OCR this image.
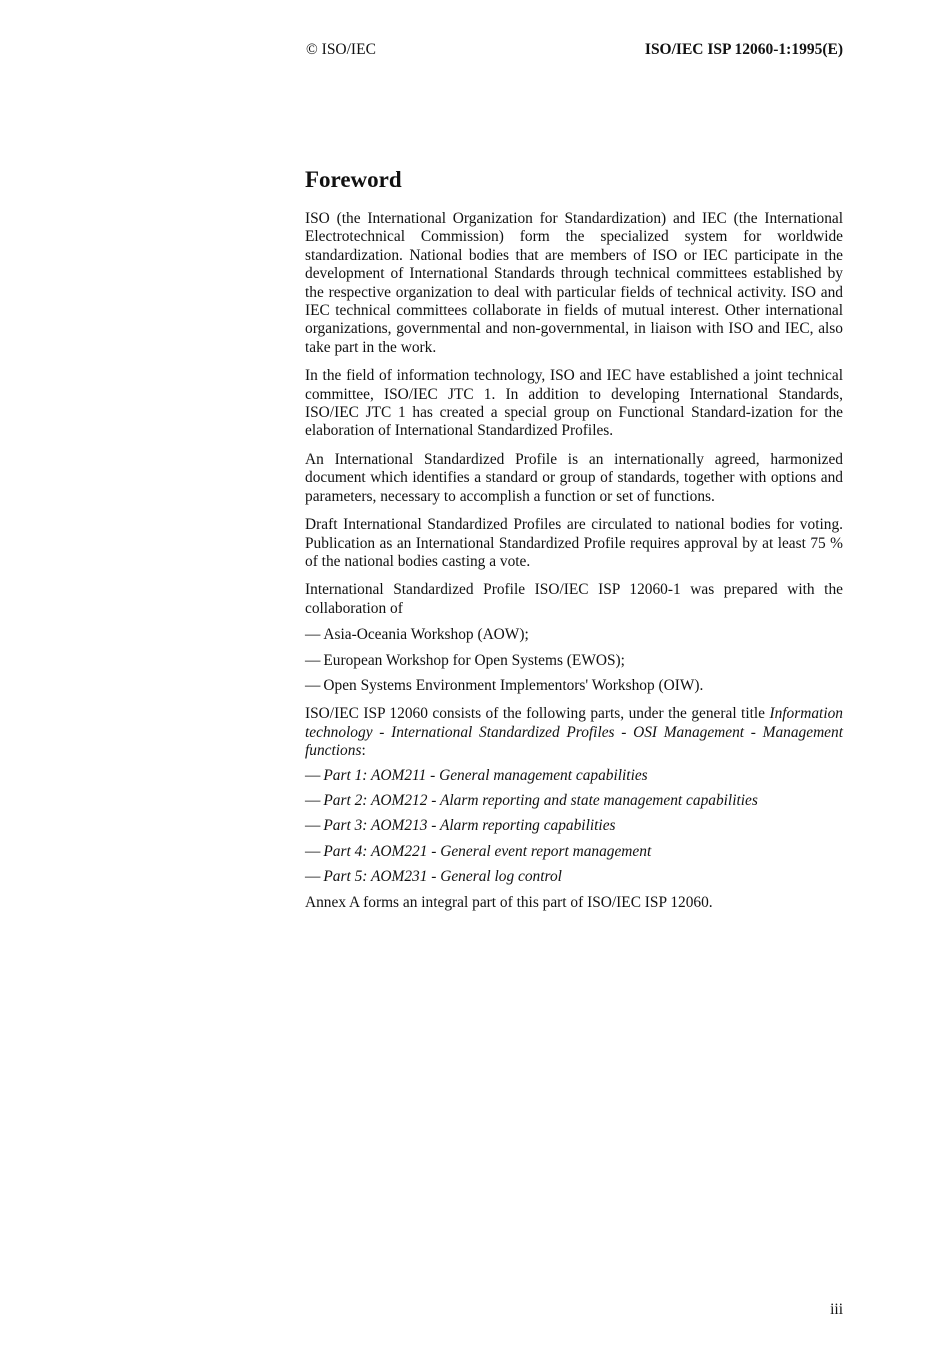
© ISO/IEC	ISO/IEC ISP 12060-1:1995(E)
Foreword

ISO (the International Organization for Standardization) and IEC (the International Electrotechnical Commission) form the specialized system for worldwide standardization. National bodies that are members of ISO or IEC participate in the development of International Standards through technical committees established by the respective organization to deal with particular fields of technical activity. ISO and IEC technical committees collaborate in fields of mutual interest. Other international organizations, governmental and non-governmental, in liaison with ISO and IEC, also take part in the work.

In the field of information technology, ISO and IEC have established a joint technical committee, ISO/IEC JTC 1. In addition to developing International Standards, ISO/IEC JTC 1 has created a special group on Functional Standard-ization for the elaboration of International Standardized Profiles.

An International Standardized Profile is an internationally agreed, harmonized document which identifies a standard or group of standards, together with options and parameters, necessary to accomplish a function or set of functions.

Draft International Standardized Profiles are circulated to national bodies for voting. Publication as an International Standardized Profile requires approval by at least 75 % of the national bodies casting a vote.

International Standardized Profile ISO/IEC ISP 12060-1 was prepared with the collaboration of

— Asia-Oceania Workshop (AOW);
— European Workshop for Open Systems (EWOS);
— Open Systems Environment Implementors' Workshop (OIW).

ISO/IEC ISP 12060 consists of the following parts, under the general title Information technology - International Standardized Profiles - OSI Management - Management functions:

— Part 1: AOM211 - General management capabilities
— Part 2: AOM212 - Alarm reporting and state management capabilities
— Part 3: AOM213 - Alarm reporting capabilities
— Part 4: AOM221 - General event report management
— Part 5: AOM231 - General log control

Annex A forms an integral part of this part of ISO/IEC ISP 12060.

iii
